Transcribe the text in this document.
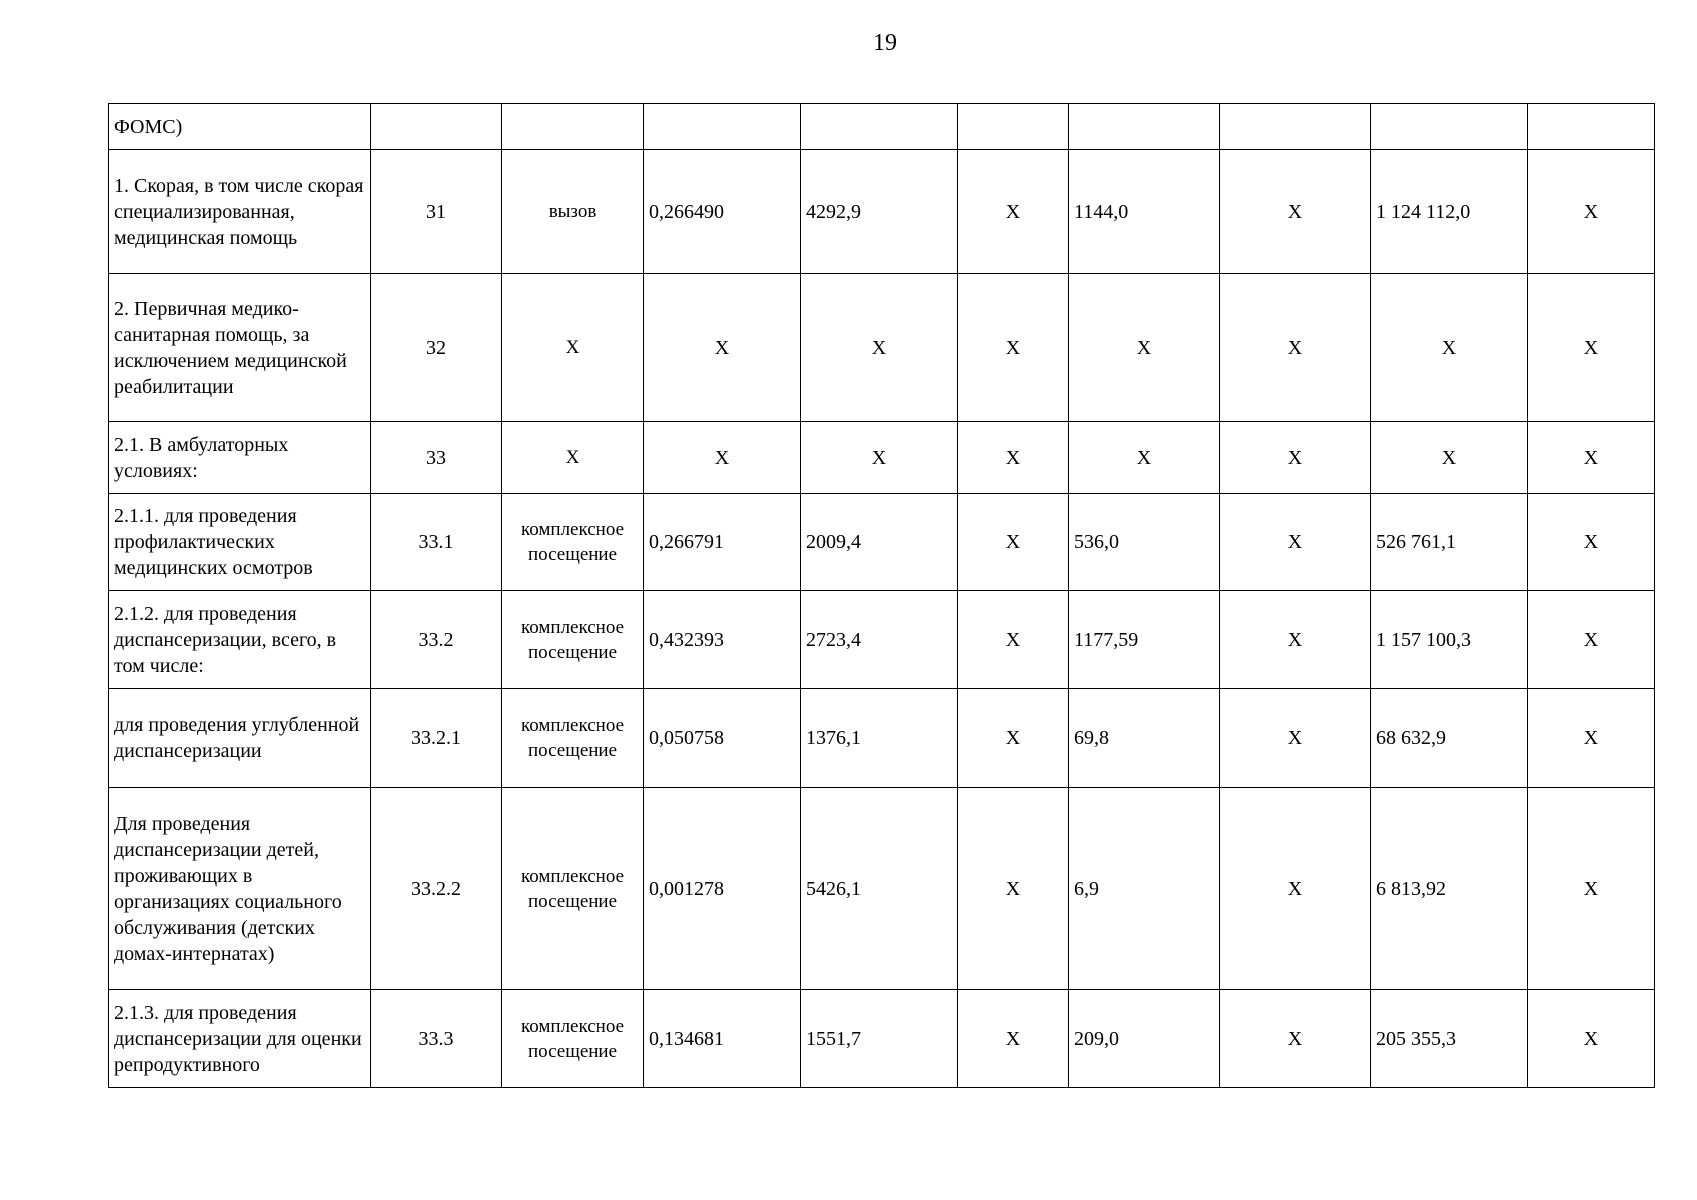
19
ФОМС)									
1. Скорая, в том числе скорая специализированная, медицинская помощь	31	вызов	0,266490	4292,9	X	1144,0	X	1 124 112,0	X
2. Первичная медико-санитарная помощь, за исключением медицинской реабилитации	32	X	X	X	X	X	X	X	X
2.1. В амбулаторных условиях:	33	X	X	X	X	X	X	X	X
2.1.1. для проведения профилактических медицинских осмотров	33.1	комплексное посещение	0,266791	2009,4	X	536,0	X	526 761,1	X
2.1.2. для проведения диспансеризации, всего, в том числе:	33.2	комплексное посещение	0,432393	2723,4	X	1177,59	X	1 157 100,3	X
для проведения углубленной диспансеризации	33.2.1	комплексное посещение	0,050758	1376,1	X	69,8	X	68 632,9	X
Для проведения диспансеризации детей, проживающих в организациях социального обслуживания (детских домах-интернатах)	33.2.2	комплексное посещение	0,001278	5426,1	X	6,9	X	6 813,92	X
2.1.3. для проведения диспансеризации для оценки репродуктивного	33.3	комплексное посещение	0,134681	1551,7	X	209,0	X	205 355,3	X
